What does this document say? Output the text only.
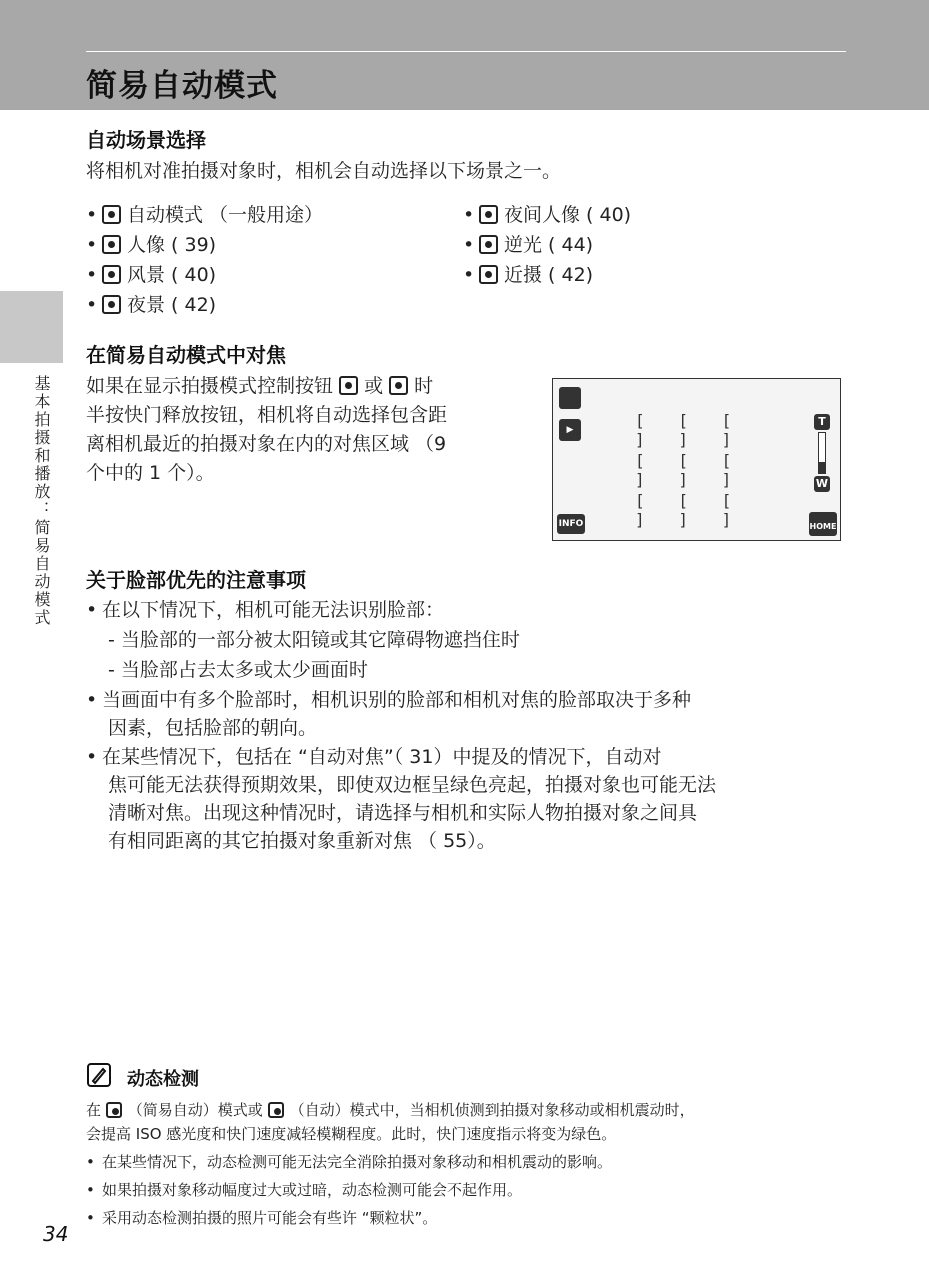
简易自动模式
基本拍摄和播放：简易自动模式
自动场景选择
将相机对准拍摄对象时，相机会自动选择以下场景之一。
• 自动模式 （一般用途）
• 人像 ( 39)
• 风景 ( 40)
• 夜景 ( 42)
• 夜间人像 ( 40)
• 逆光 ( 44)
• 近摄 ( 42)
在简易自动模式中对焦
如果在显示拍摄模式控制按钮 或 时
半按快门释放按钮，相机将自动选择包含距
离相机最近的拍摄对象在内的对焦区域 （9
个中的 1 个）。
▶
INFO	HOME
[ ]
[ ]
[ ]
[ ]
[ ]
[ ]
[ ]
[ ]
[ ]
T
W
关于脸部优先的注意事项
• 在以下情况下，相机可能无法识别脸部：
- 当脸部的一部分被太阳镜或其它障碍物遮挡住时
- 当脸部占去太多或太少画面时
• 当画面中有多个脸部时，相机识别的脸部和相机对焦的脸部取决于多种
因素，包括脸部的朝向。
• 在某些情况下，包括在 “自动对焦”（ 31）中提及的情况下，自动对
焦可能无法获得预期效果，即使双边框呈绿色亮起，拍摄对象也可能无法
清晰对焦。出现这种情况时，请选择与相机和实际人物拍摄对象之间具
有相同距离的其它拍摄对象重新对焦 （ 55）。
动态检测
在 （简易自动）模式或 （自动）模式中，当相机侦测到拍摄对象移动或相机震动时，
会提高 ISO 感光度和快门速度减轻模糊程度。此时，快门速度指示将变为绿色。
• 在某些情况下，动态检测可能无法完全消除拍摄对象移动和相机震动的影响。
• 如果拍摄对象移动幅度过大或过暗，动态检测可能会不起作用。
• 采用动态检测拍摄的照片可能会有些许 “颗粒状”。
34
